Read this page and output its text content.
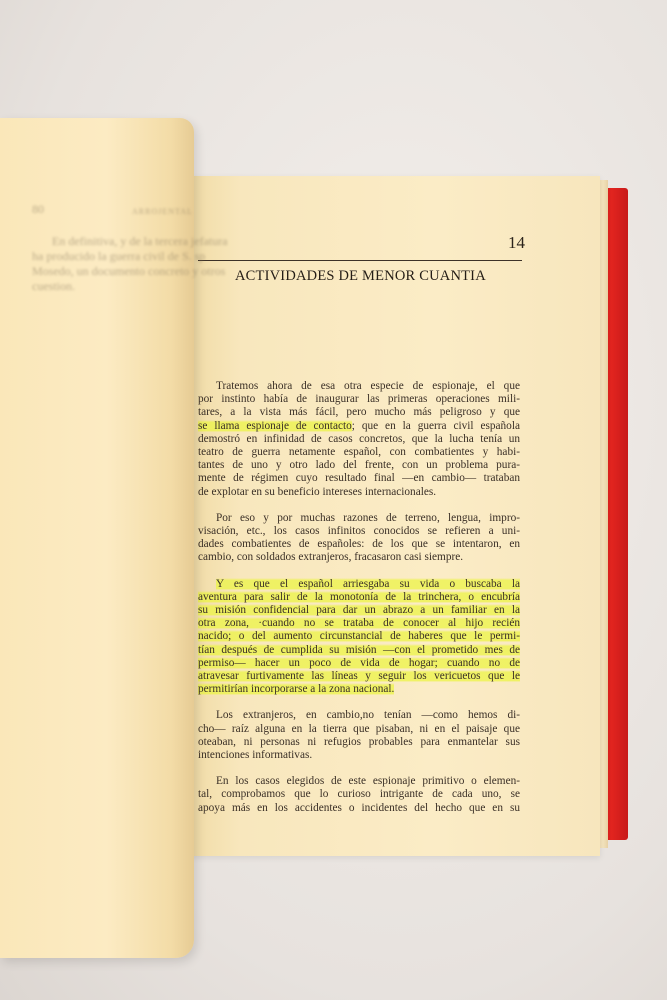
14
ACTIVIDADES DE MENOR CUANTIA
Tratemos ahora de esa otra especie de espionaje, el que
por instinto había de inaugurar las primeras operaciones mili-
tares, a la vista más fácil, pero mucho más peligroso y que
se llama espionaje de contacto; que en la guerra civil española
demostró en infinidad de casos concretos, que la lucha tenía un
teatro de guerra netamente español, con combatientes y habi-
tantes de uno y otro lado del frente, con un problema pura-
mente de régimen cuyo resultado final —en cambio— trataban
de explotar en su beneficio intereses internacionales.
Por eso y por muchas razones de terreno, lengua, impro-
visación, etc., los casos infinitos conocidos se refieren a uni-
dades combatientes de españoles: de los que se intentaron, en
cambio, con soldados extranjeros, fracasaron casi siempre.
Y es que el español arriesgaba su vida o buscaba la
aventura para salir de la monotonía de la trinchera, o encubría
su misión confidencial para dar un abrazo a un familiar en la
otra zona, ·cuando no se trataba de conocer al hijo recién
nacido; o del aumento circunstancial de haberes que le permi-
tían después de cumplida su misión —con el prometido mes de
permiso— hacer un poco de vida de hogar; cuando no de
atravesar furtivamente las líneas y seguir los vericuetos que le
permitirían incorporarse a la zona nacional.
Los extranjeros, en cambio,no tenían —como hemos di-
cho— raíz alguna en la tierra que pisaban, ni en el paisaje que
oteaban, ni personas ni refugios probables para enmantelar sus
intenciones informativas.
En los casos elegidos de este espionaje primitivo o elemen-
tal, comprobamos que lo curioso intrigante de cada uno, se
apoya más en los accidentes o incidentes del hecho que en su
80	ARROJENTAL
En definitiva, y de la tercera jefatura
ha producido la guerra civil de S. sp
Mosedo, un documento concreto y otros
cuestion.
